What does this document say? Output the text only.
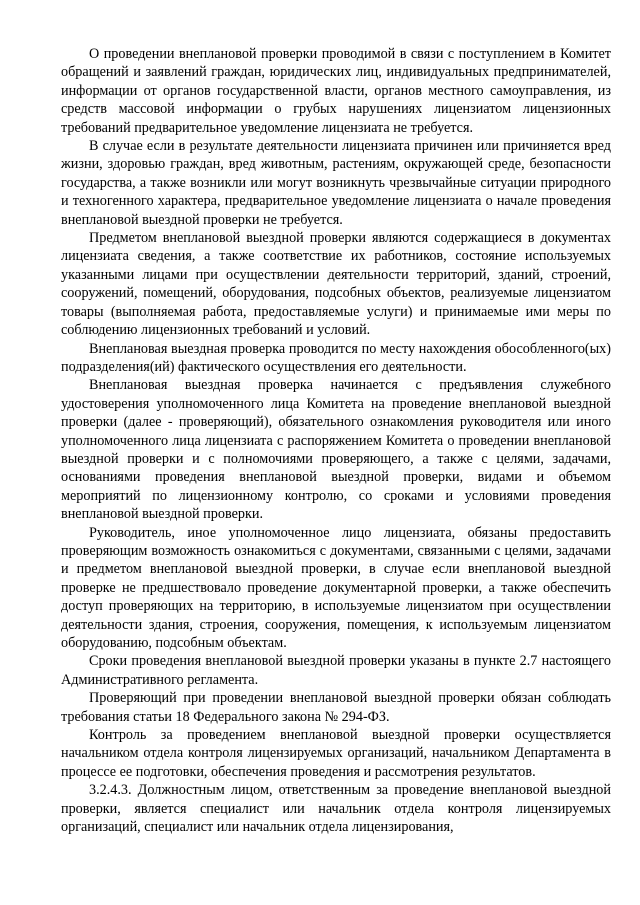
О проведении внеплановой проверки проводимой в связи с поступлением в Комитет обращений и заявлений граждан, юридических лиц, индивидуальных предпринимателей, информации от органов государственной власти, органов местного самоуправления, из средств массовой информации о грубых нарушениях лицензиатом лицензионных требований предварительное уведомление лицензиата не требуется.

В случае если в результате деятельности лицензиата причинен или причиняется вред жизни, здоровью граждан, вред животным, растениям, окружающей среде, безопасности государства, а также возникли или могут возникнуть чрезвычайные ситуации природного и техногенного характера, предварительное уведомление лицензиата о начале проведения внеплановой выездной проверки не требуется.

Предметом внеплановой выездной проверки являются содержащиеся в документах лицензиата сведения, а также соответствие их работников, состояние используемых указанными лицами при осуществлении деятельности территорий, зданий, строений, сооружений, помещений, оборудования, подсобных объектов, реализуемые лицензиатом товары (выполняемая работа, предоставляемые услуги) и принимаемые ими меры по соблюдению лицензионных требований и условий.

Внеплановая выездная проверка проводится по месту нахождения обособленного(ых) подразделения(ий) фактического осуществления его деятельности.

Внеплановая выездная проверка начинается с предъявления служебного удостоверения уполномоченного лица Комитета на проведение внеплановой выездной проверки (далее - проверяющий), обязательного ознакомления руководителя или иного уполномоченного лица лицензиата с распоряжением Комитета о проведении внеплановой выездной проверки и с полномочиями проверяющего, а также с целями, задачами, основаниями проведения внеплановой выездной проверки, видами и объемом мероприятий по лицензионному контролю, со сроками и условиями проведения внеплановой выездной проверки.

Руководитель, иное уполномоченное лицо лицензиата, обязаны предоставить проверяющим возможность ознакомиться с документами, связанными с целями, задачами и предметом внеплановой выездной проверки, в случае если внеплановой выездной проверке не предшествовало проведение документарной проверки, а также обеспечить доступ проверяющих на территорию, в используемые лицензиатом при осуществлении деятельности здания, строения, сооружения, помещения, к используемым лицензиатом оборудованию, подсобным объектам.

Сроки проведения внеплановой выездной проверки указаны в пункте 2.7 настоящего Административного регламента.

Проверяющий при проведении внеплановой выездной проверки обязан соблюдать требования статьи 18 Федерального закона № 294-ФЗ.

Контроль за проведением внеплановой выездной проверки осуществляется начальником отдела контроля лицензируемых организаций, начальником Департамента в процессе ее подготовки, обеспечения проведения и рассмотрения результатов.

3.2.4.3. Должностным лицом, ответственным за проведение внеплановой выездной проверки, является специалист или начальник отдела контроля лицензируемых организаций, специалист или начальник отдела лицензирования,
